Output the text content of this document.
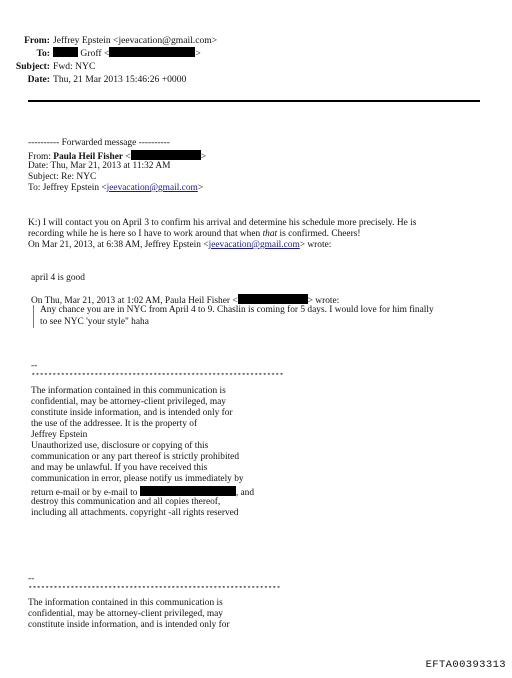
From: Jeffrey Epstein <jeevacation@gmail.com>
To:	Groff <	>
Subject: Fwd: NYC
Date: Thu, 21 Mar 2013 15:46:26 +0000
---------- Forwarded message ----------
From: Paula Heil Fisher <	>
Date: Thu, Mar 21, 2013 at 11:32 AM
Subject: Re: NYC
To: Jeffrey Epstein <jeevacation@gmail.com>
K:) I will contact you on April 3 to confirm his arrival and determine his schedule more precisely. He is
recording while he is here so I have to work around that when that is confirmed. Cheers!
On Mar 21, 2013, at 6:38 AM, Jeffrey Epstein <jeevacation@gmail.com> wrote:
april 4 is good
On Thu, Mar 21, 2013 at 1:02 AM, Paula Heil Fisher <	> wrote:
Any chance you are in NYC from April 4 to 9. Chaslin is coming for 5 days. I would love for him finally
to see NYC 'your style" haha
--
************************************************************
The information contained in this communication is
confidential, may be attorney-client privileged, may
constitute inside information, and is intended only for
the use of the addressee. It is the property of
Jeffrey Epstein
Unauthorized use, disclosure or copying of this
communication or any part thereof is strictly prohibited
and may be unlawful. If you have received this
communication in error, please notify us immediately by
return e-mail or by e-mail to	, and
destroy this communication and all copies thereof,
including all attachments. copyright -all rights reserved
--
************************************************************
The information contained in this communication is
confidential, may be attorney-client privileged, may
constitute inside information, and is intended only for
EFTA00393313
